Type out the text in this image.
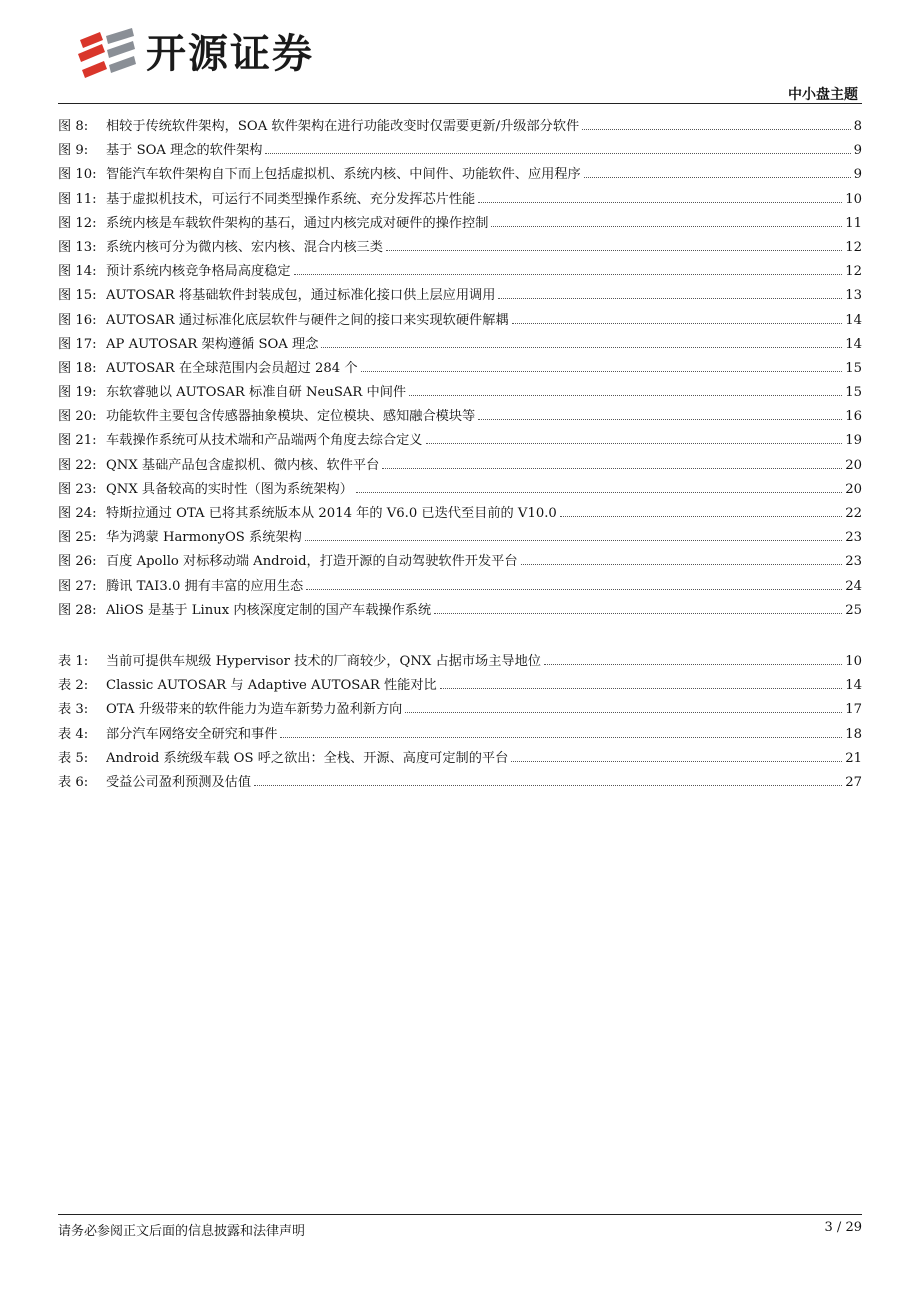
开源证券
中小盘主题
图 8:	相较于传统软件架构，SOA 软件架构在进行功能改变时仅需要更新/升级部分软件	8
图 9:	基于 SOA 理念的软件架构	9
图 10: 智能汽车软件架构自下而上包括虚拟机、系统内核、中间件、功能软件、应用程序	9
图 11: 基于虚拟机技术，可运行不同类型操作系统、充分发挥芯片性能	10
图 12: 系统内核是车载软件架构的基石，通过内核完成对硬件的操作控制	11
图 13: 系统内核可分为微内核、宏内核、混合内核三类	12
图 14: 预计系统内核竞争格局高度稳定	12
图 15: AUTOSAR 将基础软件封装成包，通过标准化接口供上层应用调用	13
图 16: AUTOSAR 通过标准化底层软件与硬件之间的接口来实现软硬件解耦	14
图 17: AP AUTOSAR 架构遵循 SOA 理念	14
图 18: AUTOSAR 在全球范围内会员超过 284 个	15
图 19: 东软睿驰以 AUTOSAR 标准自研 NeuSAR 中间件	15
图 20: 功能软件主要包含传感器抽象模块、定位模块、感知融合模块等	16
图 21: 车载操作系统可从技术端和产品端两个角度去综合定义	19
图 22: QNX 基础产品包含虚拟机、微内核、软件平台	20
图 23: QNX 具备较高的实时性（图为系统架构）	20
图 24: 特斯拉通过 OTA 已将其系统版本从 2014 年的 V6.0 已迭代至目前的 V10.0	22
图 25: 华为鸿蒙 HarmonyOS 系统架构	23
图 26: 百度 Apollo 对标移动端 Android，打造开源的自动驾驶软件开发平台	23
图 27: 腾讯 TAI3.0 拥有丰富的应用生态	24
图 28: AliOS 是基于 Linux 内核深度定制的国产车载操作系统	25
表 1:	当前可提供车规级 Hypervisor 技术的厂商较少，QNX 占据市场主导地位	10
表 2:	Classic AUTOSAR 与 Adaptive AUTOSAR 性能对比	14
表 3:	OTA 升级带来的软件能力为造车新势力盈利新方向	17
表 4:	部分汽车网络安全研究和事件	18
表 5:	Android 系统级车载 OS 呼之欲出：全栈、开源、高度可定制的平台	21
表 6:	受益公司盈利预测及估值	27
请务必参阅正文后面的信息披露和法律声明	3 / 29
